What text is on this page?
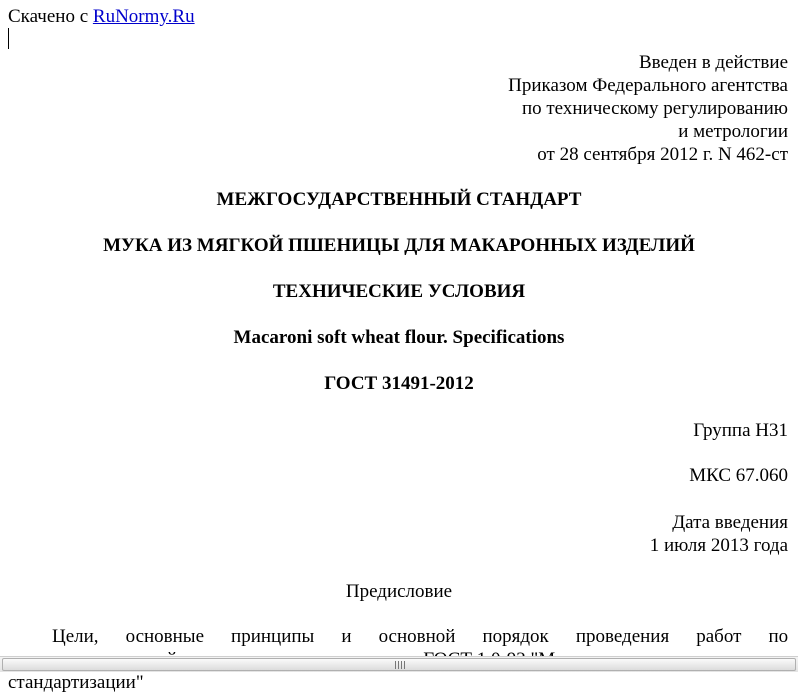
Скачено с RuNormy.Ru
Введен в действие
Приказом Федерального агентства
по техническому регулированию
и метрологии
от 28 сентября 2012 г. N 462-ст
МЕЖГОСУДАРСТВЕННЫЙ СТАНДАРТ
МУКА ИЗ МЯГКОЙ ПШЕНИЦЫ ДЛЯ МАКАРОННЫХ ИЗДЕЛИЙ
ТЕХНИЧЕСКИЕ УСЛОВИЯ
Macaroni soft wheat flour. Specifications
ГОСТ 31491-2012
Группа Н31
МКС 67.060
Дата введения
1 июля 2013 года
Предисловие
Цели, основные принципы и основной порядок проведения работ по
стандартизации"
